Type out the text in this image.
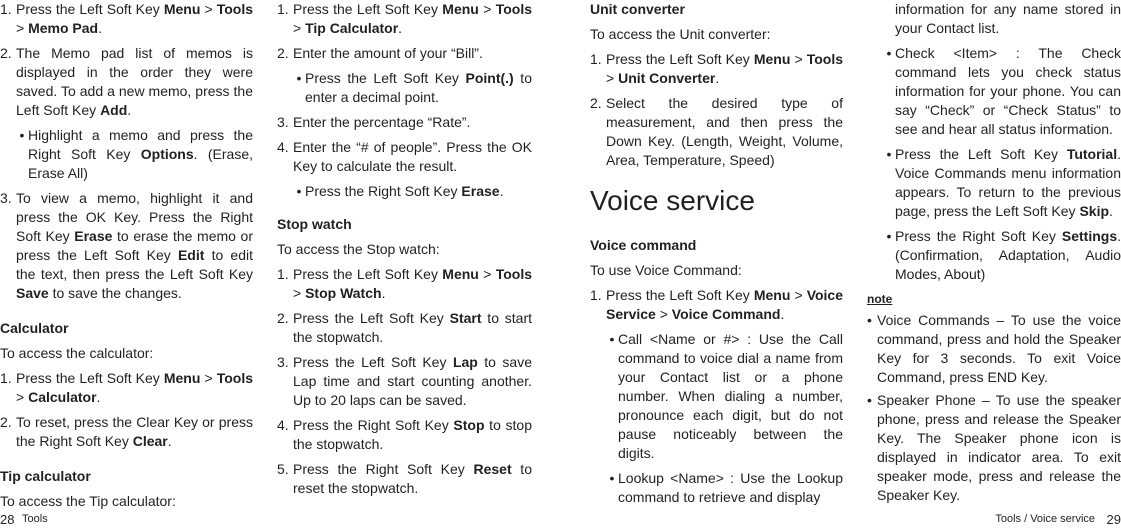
1. Press the Left Soft Key Menu > Tools > Memo Pad.
2. The Memo pad list of memos is displayed in the order they were saved. To add a new memo, press the Left Soft Key Add.
• Highlight a memo and press the Right Soft Key Options. (Erase, Erase All)
3. To view a memo, highlight it and press the OK Key. Press the Right Soft Key Erase to erase the memo or press the Left Soft Key Edit to edit the text, then press the Left Soft Key Save to save the changes.

Calculator

To access the calculator:

1. Press the Left Soft Key Menu > Tools > Calculator.
2. To reset, press the Clear Key or press the Right Soft Key Clear.

Tip calculator

To access the Tip calculator:

1. Press the Left Soft Key Menu > Tools > Tip Calculator.
2. Enter the amount of your “Bill”.
• Press the Left Soft Key Point(.) to enter a decimal point.
3. Enter the percentage “Rate”.
4. Enter the “# of people”. Press the OK Key to calculate the result.
• Press the Right Soft Key Erase.

Stop watch

To access the Stop watch:

1. Press the Left Soft Key Menu > Tools > Stop Watch.
2. Press the Left Soft Key Start to start the stopwatch.
3. Press the Left Soft Key Lap to save Lap time and start counting another. Up to 20 laps can be saved.
4. Press the Right Soft Key Stop to stop the stopwatch.
5. Press the Right Soft Key Reset to reset the stopwatch.

Unit converter

To access the Unit converter:

1. Press the Left Soft Key Menu > Tools > Unit Converter.
2. Select the desired type of measurement, and then press the Down Key. (Length, Weight, Volume, Area, Temperature, Speed)

Voice service

Voice command

To use Voice Command:

1. Press the Left Soft Key Menu > Voice Service > Voice Command.
• Call <Name or #> : Use the Call command to voice dial a name from your Contact list or a phone number. When dialing a number, pronounce each digit, but do not pause noticeably between the digits.
• Lookup <Name> : Use the Lookup command to retrieve and display
information for any name stored in your Contact list.
• Check <Item> : The Check command lets you check status information for your phone. You can say “Check” or “Check Status” to see and hear all status information.
• Press the Left Soft Key Tutorial. Voice Commands menu information appears. To return to the previous page, press the Left Soft Key Skip.
• Press the Right Soft Key Settings. (Confirmation, Adaptation, Audio Modes, About)

note

• Voice Commands – To use the voice command, press and hold the Speaker Key for 3 seconds. To exit Voice Command, press END Key.
• Speaker Phone – To use the speaker phone, press and release the Speaker Key. The Speaker phone icon is displayed in indicator area. To exit speaker mode, press and release the Speaker Key.
28 Tools	Tools / Voice service 29
